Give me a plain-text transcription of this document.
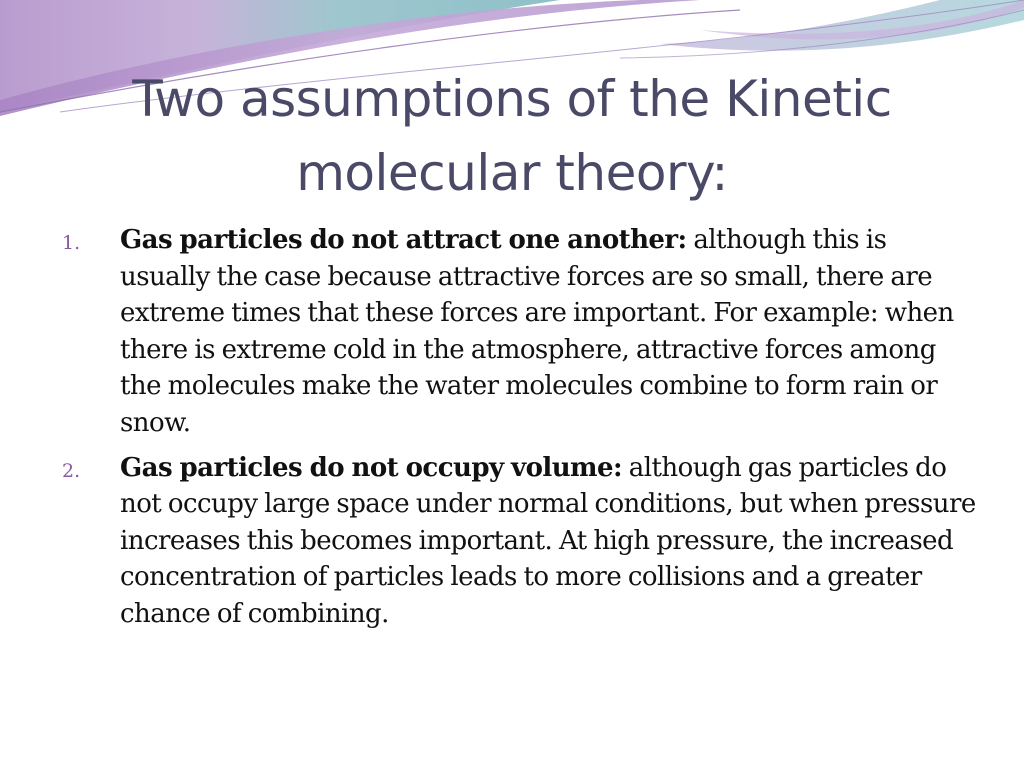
Two assumptions of the Kinetic molecular theory:
1. Gas particles do not attract one another: although this is usually the case because attractive forces are so small, there are extreme times that these forces are important. For example: when there is extreme cold in the atmosphere, attractive forces among the molecules make the water molecules combine to form rain or snow.
2. Gas particles do not occupy volume: although gas particles do not occupy large space under normal conditions, but when pressure increases this becomes important. At high pressure, the increased concentration of particles leads to more collisions and a greater chance of combining.
